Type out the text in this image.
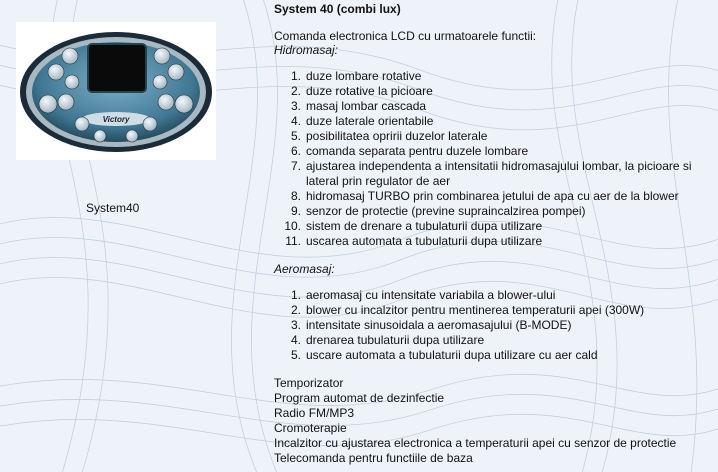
Victory
System40
System 40 (combi lux)
Comanda electronica LCD cu urmatoarele functii:
Hidromasaj:
1. duze lombare rotative
2. duze rotative la picioare
3. masaj lombar cascada
4. duze laterale orientabile
5. posibilitatea opririi duzelor laterale
6. comanda separata pentru duzele lombare
7. ajustarea independenta a intensitatii hidromasajului lombar, la picioare si lateral prin regulator de aer
8. hidromasaj TURBO prin combinarea jetului de apa cu aer de la blower
9. senzor de protectie (previne supraincalzirea pompei)
10. sistem de drenare a tubulaturii dupa utilizare
11. uscarea automata a tubulaturii dupa utilizare
Aeromasaj:
1. aeromasaj cu intensitate variabila a blower-ului
2. blower cu incalzitor pentru mentinerea temperaturii apei (300W)
3. intensitate sinusoidala a aeromasajului (B-MODE)
4. drenarea tubulaturii dupa utilizare
5. uscare automata a tubulaturii dupa utilizare cu aer cald
Temporizator
Program automat de dezinfectie
Radio FM/MP3
Cromoterapie
Incalzitor cu ajustarea electronica a temperaturii apei cu senzor de protectie
Telecomanda pentru functiile de baza
